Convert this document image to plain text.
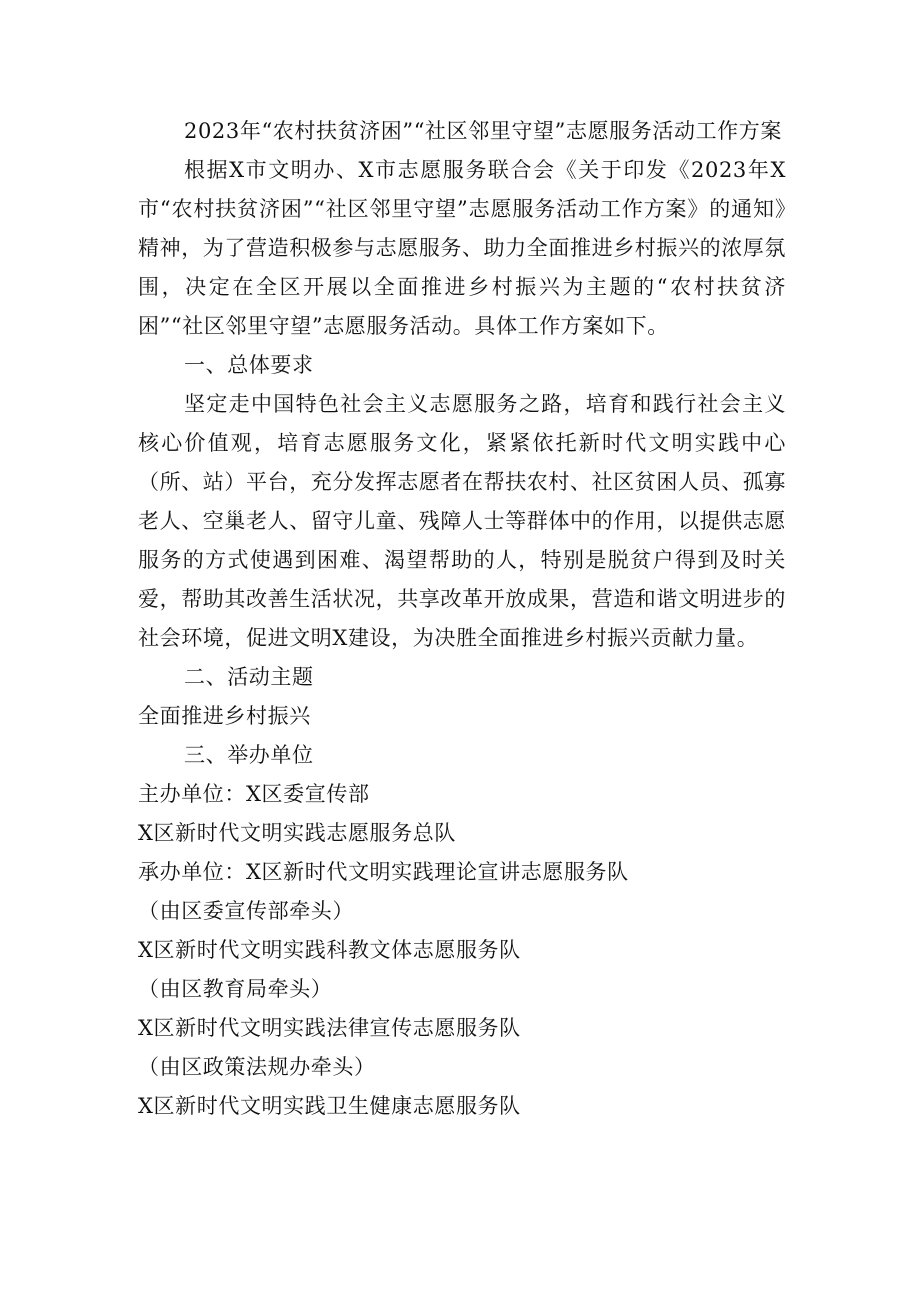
2023年“农村扶贫济困”“社区邻里守望”志愿服务活动工作方案

根据X市文明办、X市志愿服务联合会《关于印发《2023年X市“农村扶贫济困”“社区邻里守望”志愿服务活动工作方案》的通知》精神，为了营造积极参与志愿服务、助力全面推进乡村振兴的浓厚氛围，决定在全区开展以全面推进乡村振兴为主题的“农村扶贫济困”“社区邻里守望”志愿服务活动。具体工作方案如下。

一、总体要求

坚定走中国特色社会主义志愿服务之路，培育和践行社会主义核心价值观，培育志愿服务文化，紧紧依托新时代文明实践中心（所、站）平台，充分发挥志愿者在帮扶农村、社区贫困人员、孤寡老人、空巢老人、留守儿童、残障人士等群体中的作用，以提供志愿服务的方式使遇到困难、渴望帮助的人，特别是脱贫户得到及时关爱，帮助其改善生活状况，共享改革开放成果，营造和谐文明进步的社会环境，促进文明X建设，为决胜全面推进乡村振兴贡献力量。

二、活动主题

全面推进乡村振兴

三、举办单位

主办单位：X区委宣传部

X区新时代文明实践志愿服务总队

承办单位：X区新时代文明实践理论宣讲志愿服务队

（由区委宣传部牵头）

X区新时代文明实践科教文体志愿服务队

（由区教育局牵头）

X区新时代文明实践法律宣传志愿服务队

（由区政策法规办牵头）

X区新时代文明实践卫生健康志愿服务队
